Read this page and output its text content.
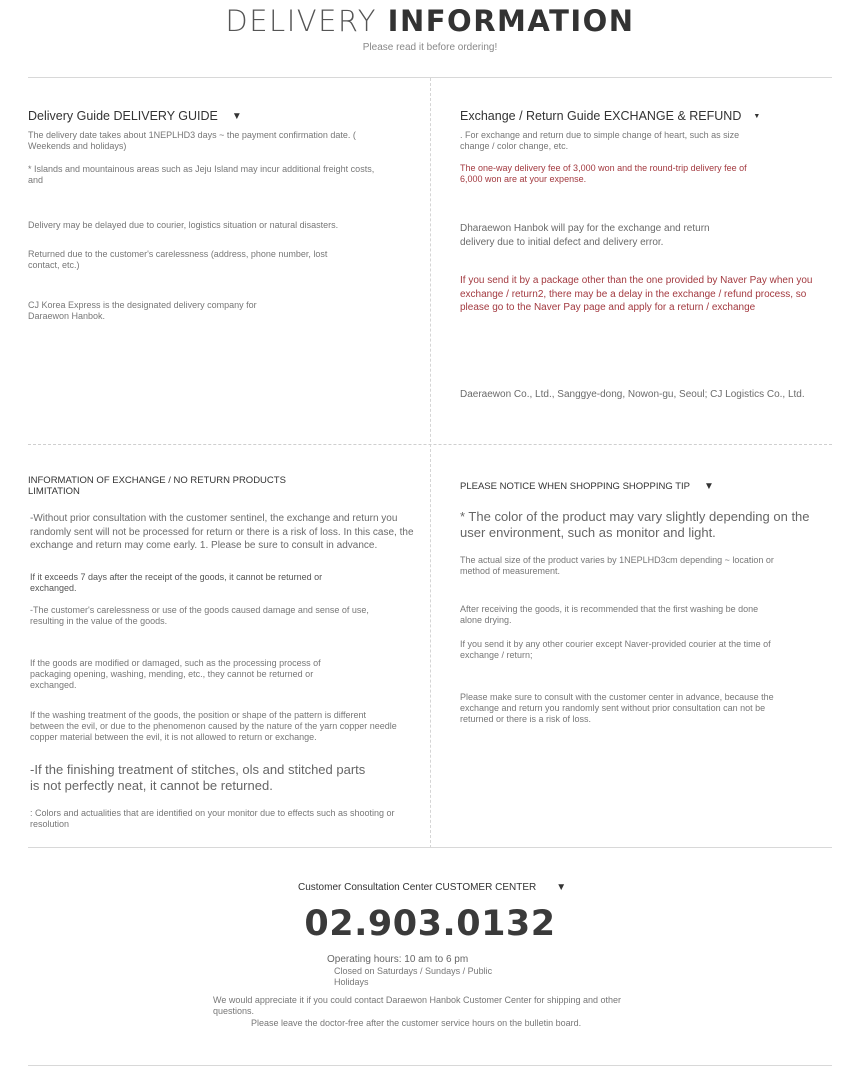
DELIVERY INFORMATION
Please read it before ordering!
Delivery Guide DELIVERY GUIDE ▼
The delivery date takes about 1NEPLHD3 days ~ the payment confirmation date. ( Weekends and holidays)
* Islands and mountainous areas such as Jeju Island may incur additional freight costs, and
Delivery may be delayed due to courier, logistics situation or natural disasters.
Returned due to the customer's carelessness (address, phone number, lost contact, etc.)
CJ Korea Express is the designated delivery company for Daraewon Hanbok.
Exchange / Return Guide EXCHANGE & REFUND ▼
. For exchange and return due to simple change of heart, such as size change / color change, etc.
The one-way delivery fee of 3,000 won and the round-trip delivery fee of 6,000 won are at your expense.
Dharaewon Hanbok will pay for the exchange and return delivery due to initial defect and delivery error.
If you send it by a package other than the one provided by Naver Pay when you exchange / return2, there may be a delay in the exchange / refund process, so please go to the Naver Pay page and apply for a return / exchange
Daeraewon Co., Ltd., Sanggye-dong, Nowon-gu, Seoul; CJ Logistics Co., Ltd.
INFORMATION OF EXCHANGE / NO RETURN PRODUCTS LIMITATION
-Without prior consultation with the customer sentinel, the exchange and return you randomly sent will not be processed for return or there is a risk of loss. In this case, the exchange and return may come early. 1. Please be sure to consult in advance.
If it exceeds 7 days after the receipt of the goods, it cannot be returned or exchanged.
-The customer's carelessness or use of the goods caused damage and sense of use, resulting in the value of the goods.
If the goods are modified or damaged, such as the processing process of packaging opening, washing, mending, etc., they cannot be returned or exchanged.
If the washing treatment of the goods, the position or shape of the pattern is different between the evil, or due to the phenomenon caused by the nature of the yarn copper needle copper material between the evil, it is not allowed to return or exchange.
-If the finishing treatment of stitches, ols and stitched parts is not perfectly neat, it cannot be returned.
: Colors and actualities that are identified on your monitor due to effects such as shooting or resolution
PLEASE NOTICE WHEN SHOPPING SHOPPING TIP ▼
* The color of the product may vary slightly depending on the user environment, such as monitor and light.
The actual size of the product varies by 1NEPLHD3cm depending ~ location or method of measurement.
After receiving the goods, it is recommended that the first washing be done alone drying.
If you send it by any other courier except Naver-provided courier at the time of exchange / return;
Please make sure to consult with the customer center in advance, because the exchange and return you randomly sent without prior consultation can not be returned or there is a risk of loss.
Customer Consultation Center CUSTOMER CENTER ▼
02.903.0132
Operating hours: 10 am to 6 pm
Closed on Saturdays / Sundays / Public Holidays
We would appreciate it if you could contact Daraewon Hanbok Customer Center for shipping and other questions.
Please leave the doctor-free after the customer service hours on the bulletin board.
